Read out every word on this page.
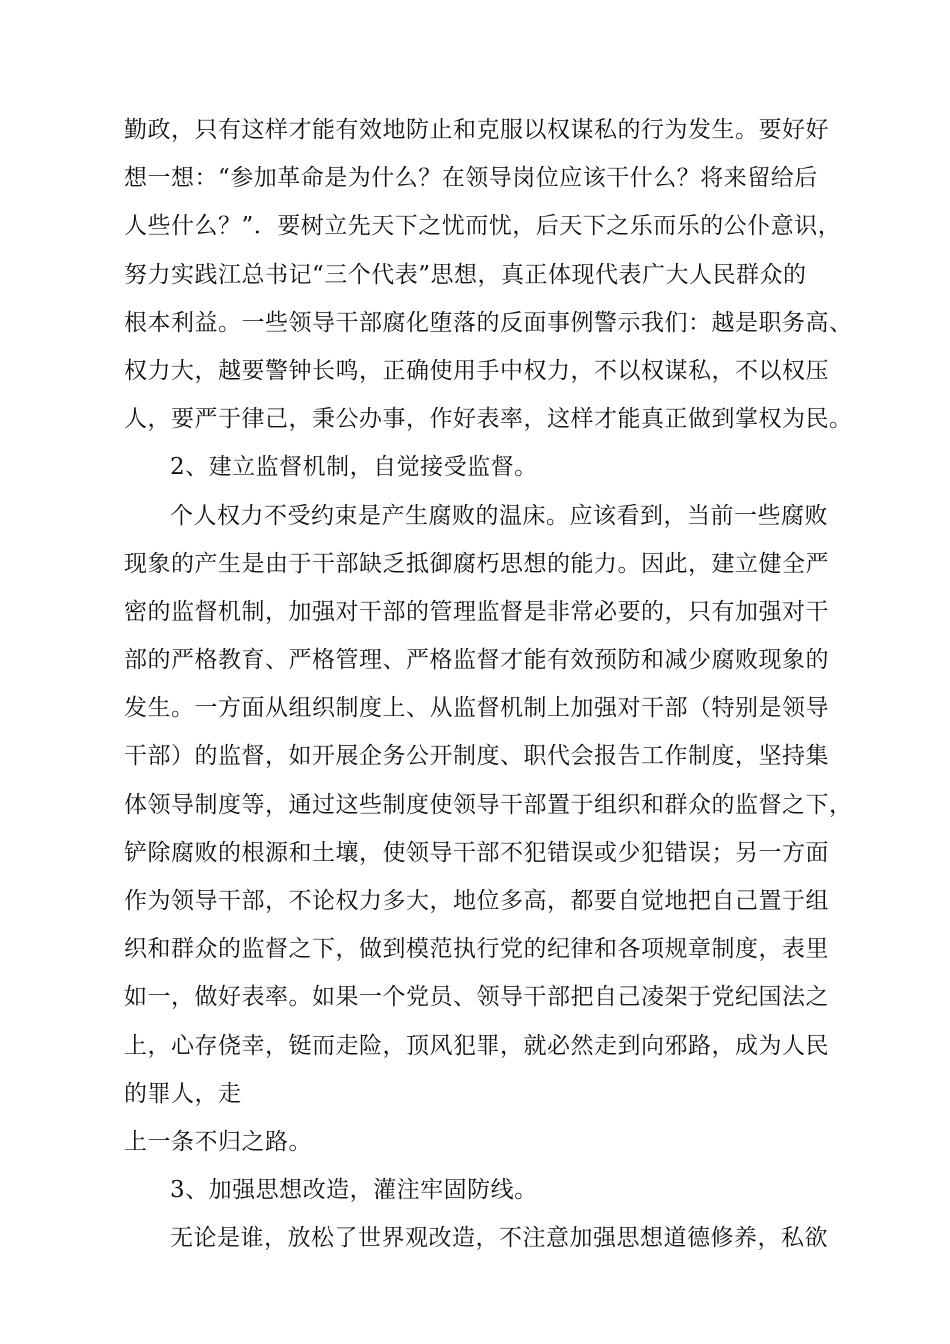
勤政，只有这样才能有效地防止和克服以权谋私的行为发生。要好好
想一想：“参加革命是为什么？在领导岗位应该干什么？将来留给后
人些什么？”．要树立先天下之忧而忧，后天下之乐而乐的公仆意识，
努力实践江总书记“三个代表”思想，真正体现代表广大人民群众的
根本利益。一些领导干部腐化堕落的反面事例警示我们：越是职务高、
权力大，越要警钟长鸣，正确使用手中权力，不以权谋私，不以权压
人，要严于律己，秉公办事，作好表率，这样才能真正做到掌权为民。
2、建立监督机制，自觉接受监督。
个人权力不受约束是产生腐败的温床。应该看到，当前一些腐败
现象的产生是由于干部缺乏抵御腐朽思想的能力。因此，建立健全严
密的监督机制，加强对干部的管理监督是非常必要的，只有加强对干
部的严格教育、严格管理、严格监督才能有效预防和减少腐败现象的
发生。一方面从组织制度上、从监督机制上加强对干部（特别是领导
干部）的监督，如开展企务公开制度、职代会报告工作制度，坚持集
体领导制度等，通过这些制度使领导干部置于组织和群众的监督之下，
铲除腐败的根源和土壤，使领导干部不犯错误或少犯错误；另一方面
作为领导干部，不论权力多大，地位多高，都要自觉地把自己置于组
织和群众的监督之下，做到模范执行党的纪律和各项规章制度，表里
如一，做好表率。如果一个党员、领导干部把自己凌架于党纪国法之
上，心存侥幸，铤而走险，顶风犯罪，就必然走到向邪路，成为人民
的罪人，走
上一条不归之路。
3、加强思想改造，灌注牢固防线。
无论是谁，放松了世界观改造，不注意加强思想道德修养，私欲
